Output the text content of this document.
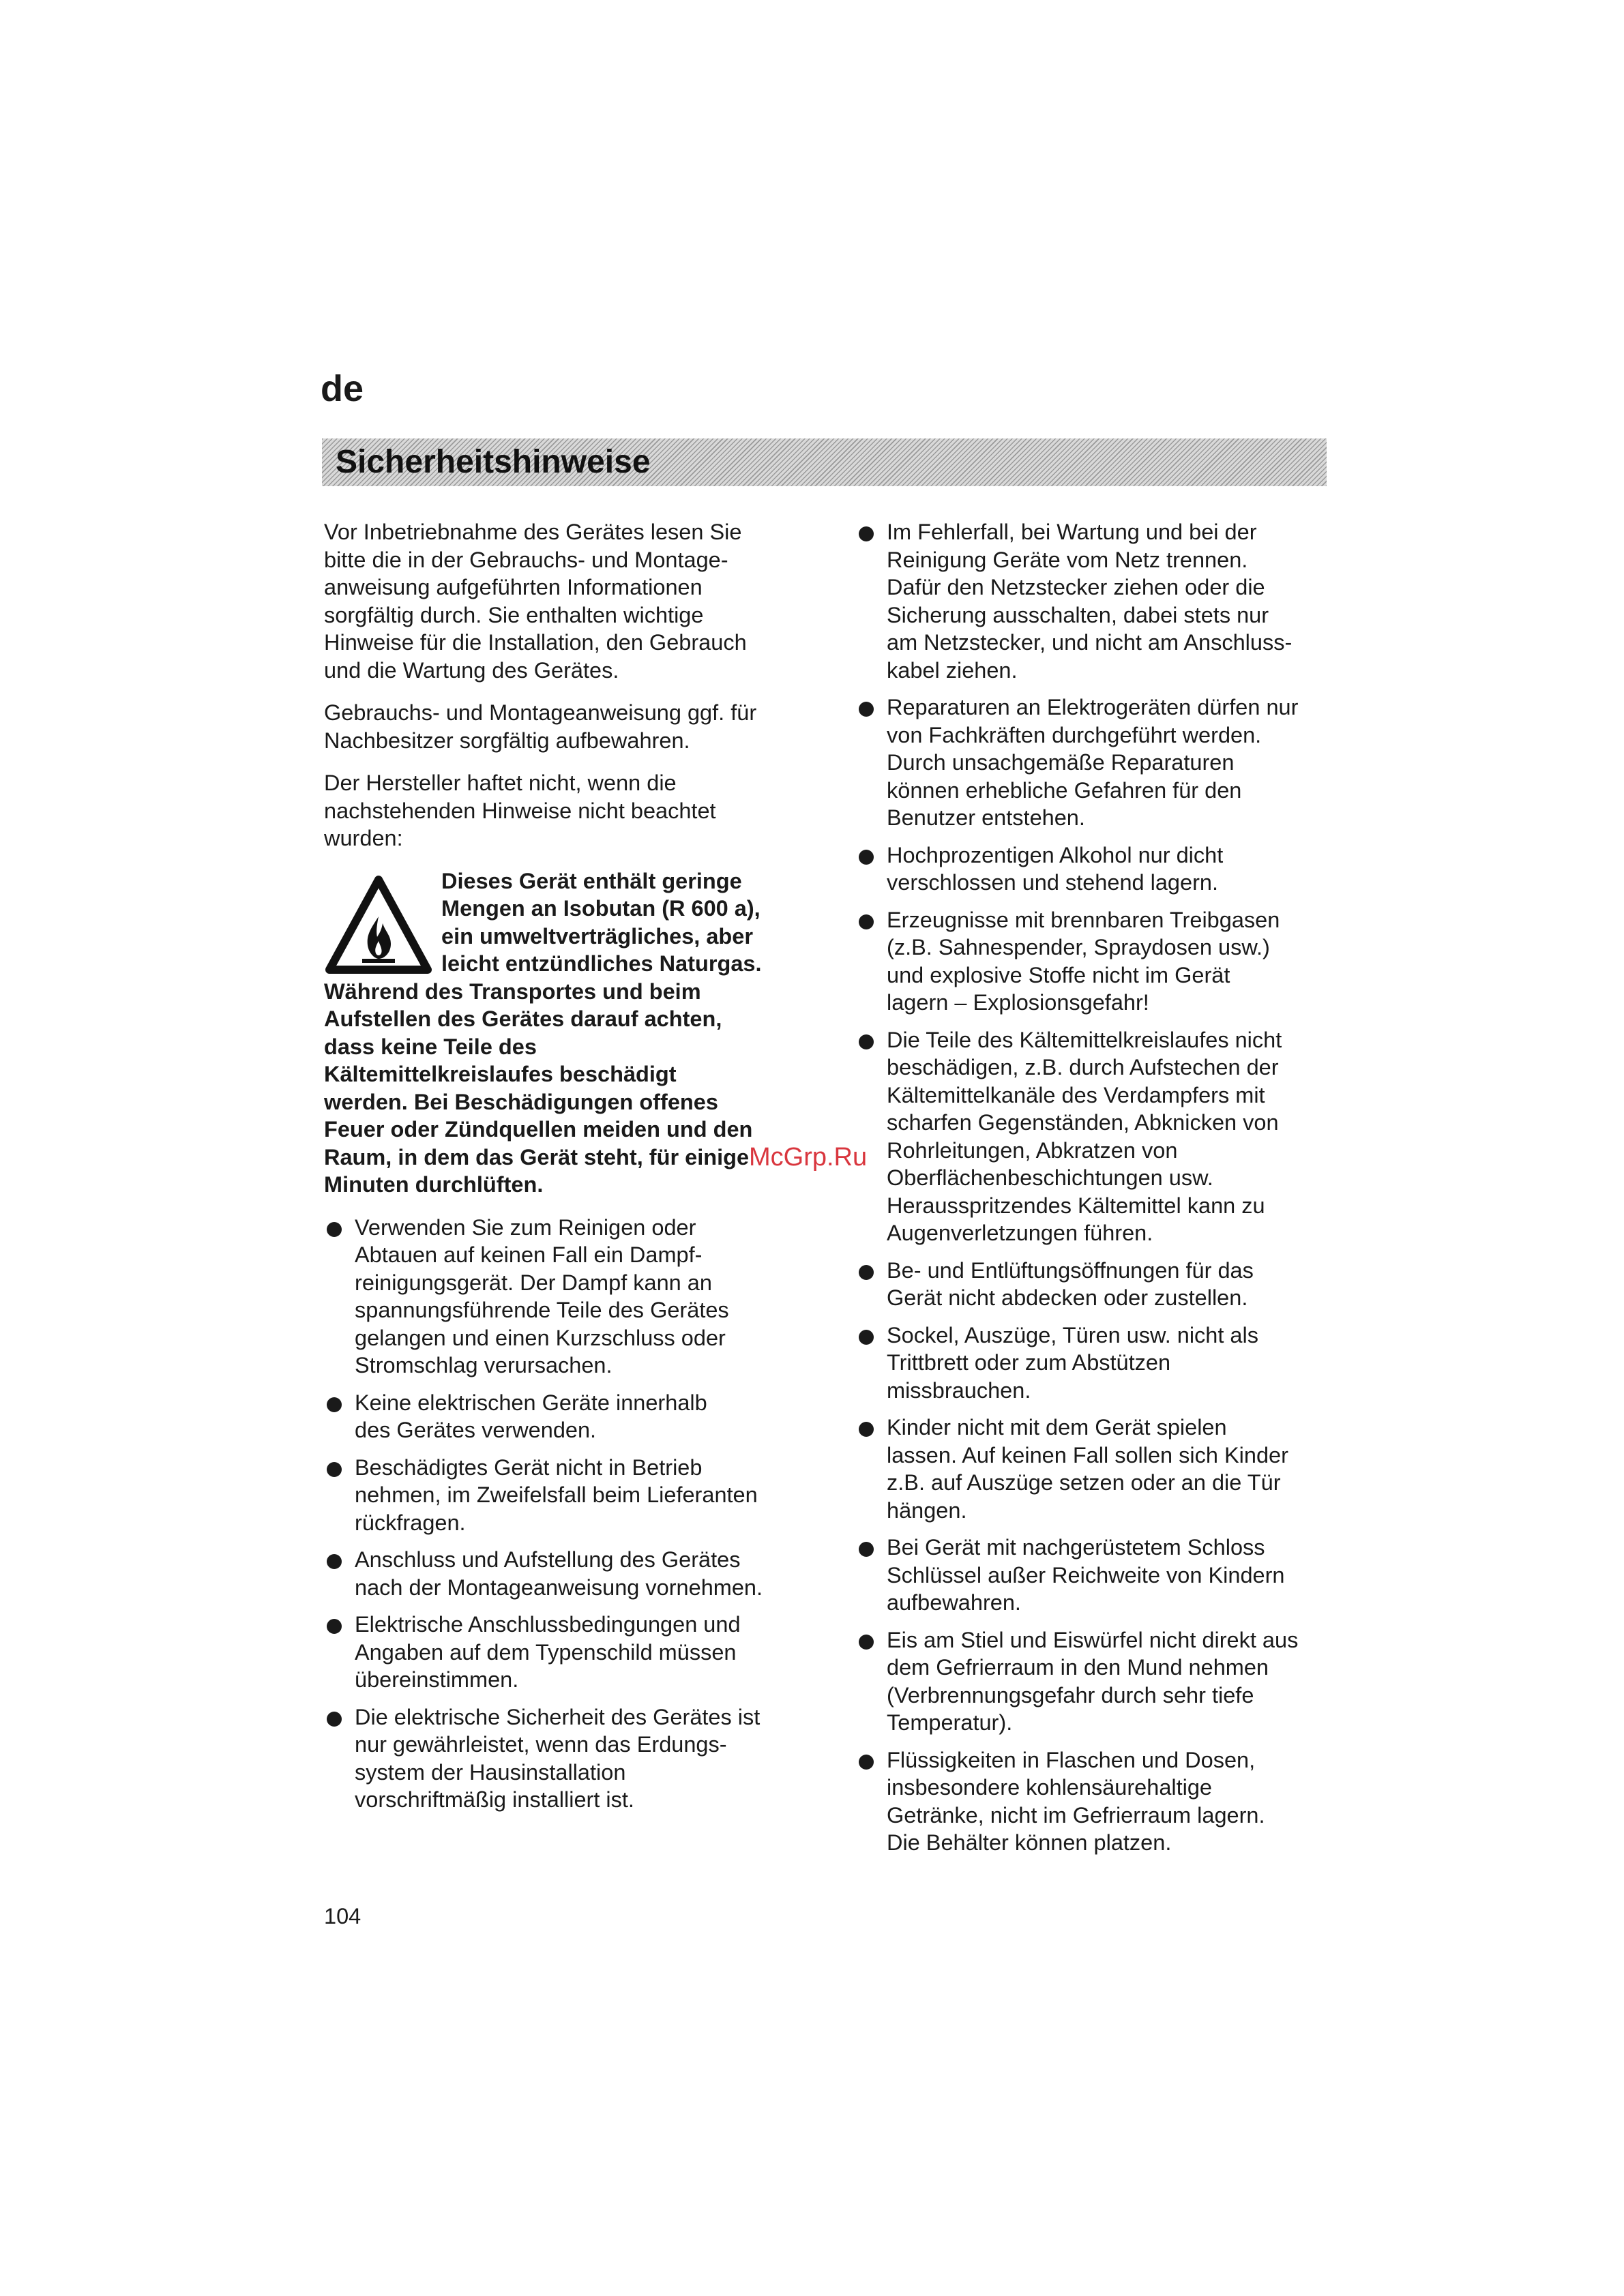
de
Sicherheitshinweise

Vor Inbetriebnahme des Gerätes lesen Sie
bitte die in der Gebrauchs- und Montage-
anweisung aufgeführten Informationen
sorgfältig durch. Sie enthalten wichtige
Hinweise für die Installation, den Gebrauch
und die Wartung des Gerätes.

Gebrauchs- und Montageanweisung ggf. für
Nachbesitzer sorgfältig aufbewahren.

Der Hersteller haftet nicht, wenn die
nachstehenden Hinweise nicht beachtet
wurden:

Dieses Gerät enthält geringe
Mengen an Isobutan (R 600 a),
ein umweltverträgliches, aber
leicht entzündliches Naturgas.
Während des Transportes und beim
Aufstellen des Gerätes darauf achten,
dass keine Teile des
Kältemittelkreislaufes beschädigt
werden. Bei Beschädigungen offenes
Feuer oder Zündquellen meiden und den
Raum, in dem das Gerät steht, für einige
Minuten durchlüften.
Verwenden Sie zum Reinigen oder
Abtauen auf keinen Fall ein Dampf-
reinigungsgerät. Der Dampf kann an
spannungsführende Teile des Gerätes
gelangen und einen Kurzschluss oder
Stromschlag verursachen.
Keine elektrischen Geräte innerhalb
des Gerätes verwenden.
Beschädigtes Gerät nicht in Betrieb
nehmen, im Zweifelsfall beim Lieferanten
rückfragen.
Anschluss und Aufstellung des Gerätes
nach der Montageanweisung vornehmen.
Elektrische Anschlussbedingungen und
Angaben auf dem Typenschild müssen
übereinstimmen.
Die elektrische Sicherheit des Gerätes ist
nur gewährleistet, wenn das Erdungs-
system der Hausinstallation
vorschriftmäßig installiert ist.
Im Fehlerfall, bei Wartung und bei der
Reinigung Geräte vom Netz trennen.
Dafür den Netzstecker ziehen oder die
Sicherung ausschalten, dabei stets nur
am Netzstecker, und nicht am Anschluss-
kabel ziehen.
Reparaturen an Elektrogeräten dürfen nur
von Fachkräften durchgeführt werden.
Durch unsachgemäße Reparaturen
können erhebliche Gefahren für den
Benutzer entstehen.
Hochprozentigen Alkohol nur dicht
verschlossen und stehend lagern.
Erzeugnisse mit brennbaren Treibgasen
(z.B. Sahnespender, Spraydosen usw.)
und explosive Stoffe nicht im Gerät
lagern – Explosionsgefahr!
Die Teile des Kältemittelkreislaufes nicht
beschädigen, z.B. durch Aufstechen der
Kältemittelkanäle des Verdampfers mit
scharfen Gegenständen, Abknicken von
Rohrleitungen, Abkratzen von
Oberflächenbeschichtungen usw.
Herausspritzendes Kältemittel kann zu
Augenverletzungen führen.
Be- und Entlüftungsöffnungen für das
Gerät nicht abdecken oder zustellen.
Sockel, Auszüge, Türen usw. nicht als
Trittbrett oder zum Abstützen
missbrauchen.
Kinder nicht mit dem Gerät spielen
lassen. Auf keinen Fall sollen sich Kinder
z.B. auf Auszüge setzen oder an die Tür
hängen.
Bei Gerät mit nachgerüstetem Schloss
Schlüssel außer Reichweite von Kindern
aufbewahren.
Eis am Stiel und Eiswürfel nicht direkt aus
dem Gefrierraum in den Mund nehmen
(Verbrennungsgefahr durch sehr tiefe
Temperatur).
Flüssigkeiten in Flaschen und Dosen,
insbesondere kohlensäurehaltige
Getränke, nicht im Gefrierraum lagern.
Die Behälter können platzen.
McGrp.Ru
104
